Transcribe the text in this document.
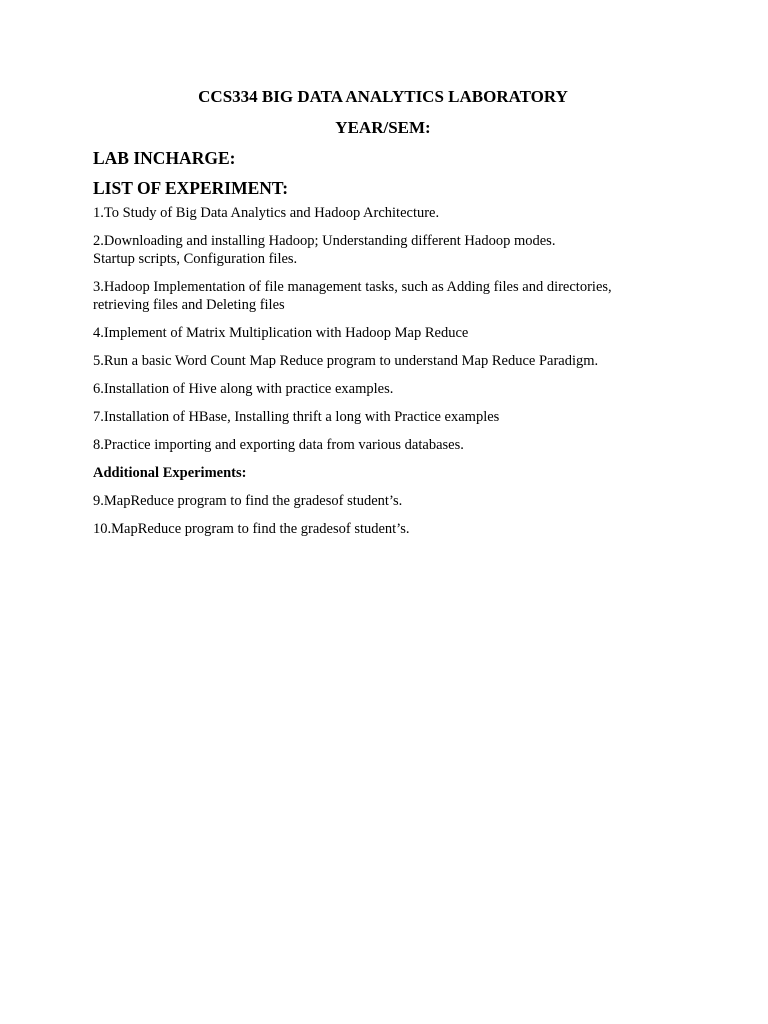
CCS334 BIG DATA ANALYTICS LABORATORY

YEAR/SEM:

LAB INCHARGE:

LIST OF EXPERIMENT:

1.To Study of Big Data Analytics and Hadoop Architecture.
2.Downloading and installing Hadoop; Understanding different Hadoop modes.
Startup scripts, Configuration files.
3.Hadoop Implementation of file management tasks, such as Adding files and directories,
retrieving files and Deleting files
4.Implement of Matrix Multiplication with Hadoop Map Reduce
5.Run a basic Word Count Map Reduce program to understand Map Reduce Paradigm.
6.Installation of Hive along with practice examples.
7.Installation of HBase, Installing thrift a long with Practice examples
8.Practice importing and exporting data from various databases.
Additional Experiments:
9.MapReduce program to find the gradesof student’s.
10.MapReduce program to find the gradesof student’s.
